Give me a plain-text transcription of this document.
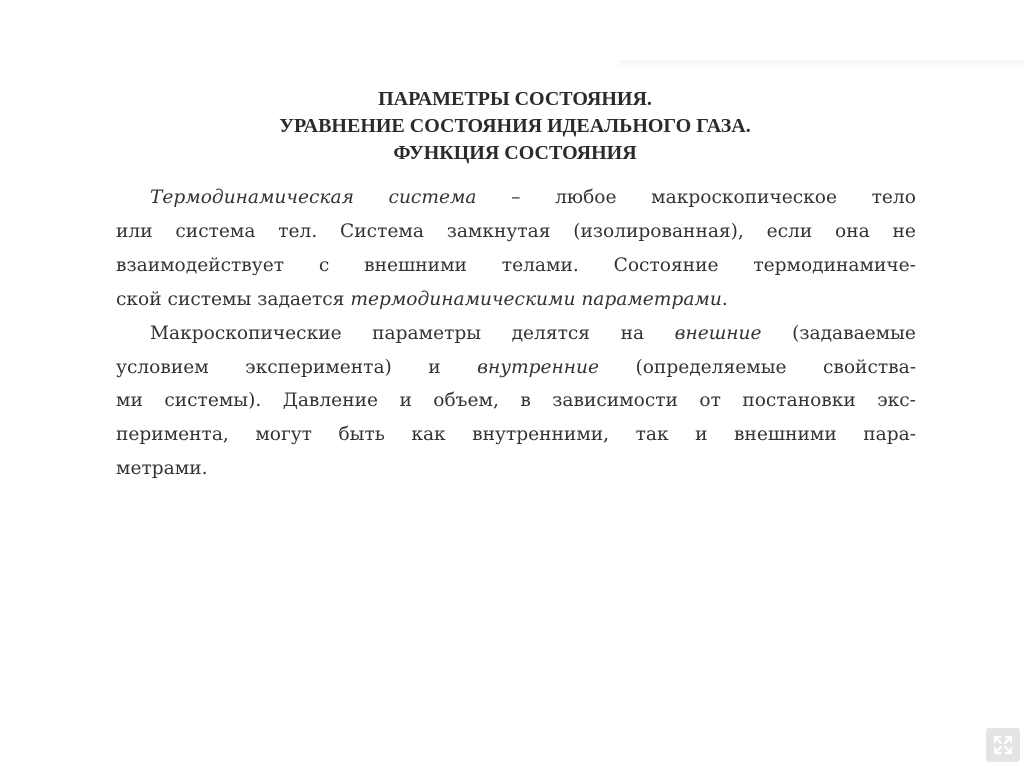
ПАРАМЕТРЫ СОСТОЯНИЯ.
УРАВНЕНИЕ СОСТОЯНИЯ ИДЕАЛЬНОГО ГАЗА.
ФУНКЦИЯ СОСТОЯНИЯ
Термодинамическая система – любое макроскопическое тело
или система тел. Система замкнутая (изолированная), если она не
взаимодействует с внешними телами. Состояние термодинамиче-
ской системы задается термодинамическими параметрами.
Макроскопические параметры делятся на внешние (задаваемые
условием эксперимента) и внутренние (определяемые свойства-
ми системы). Давление и объем, в зависимости от постановки экс-
перимента, могут быть как внутренними, так и внешними пара-
метрами.
